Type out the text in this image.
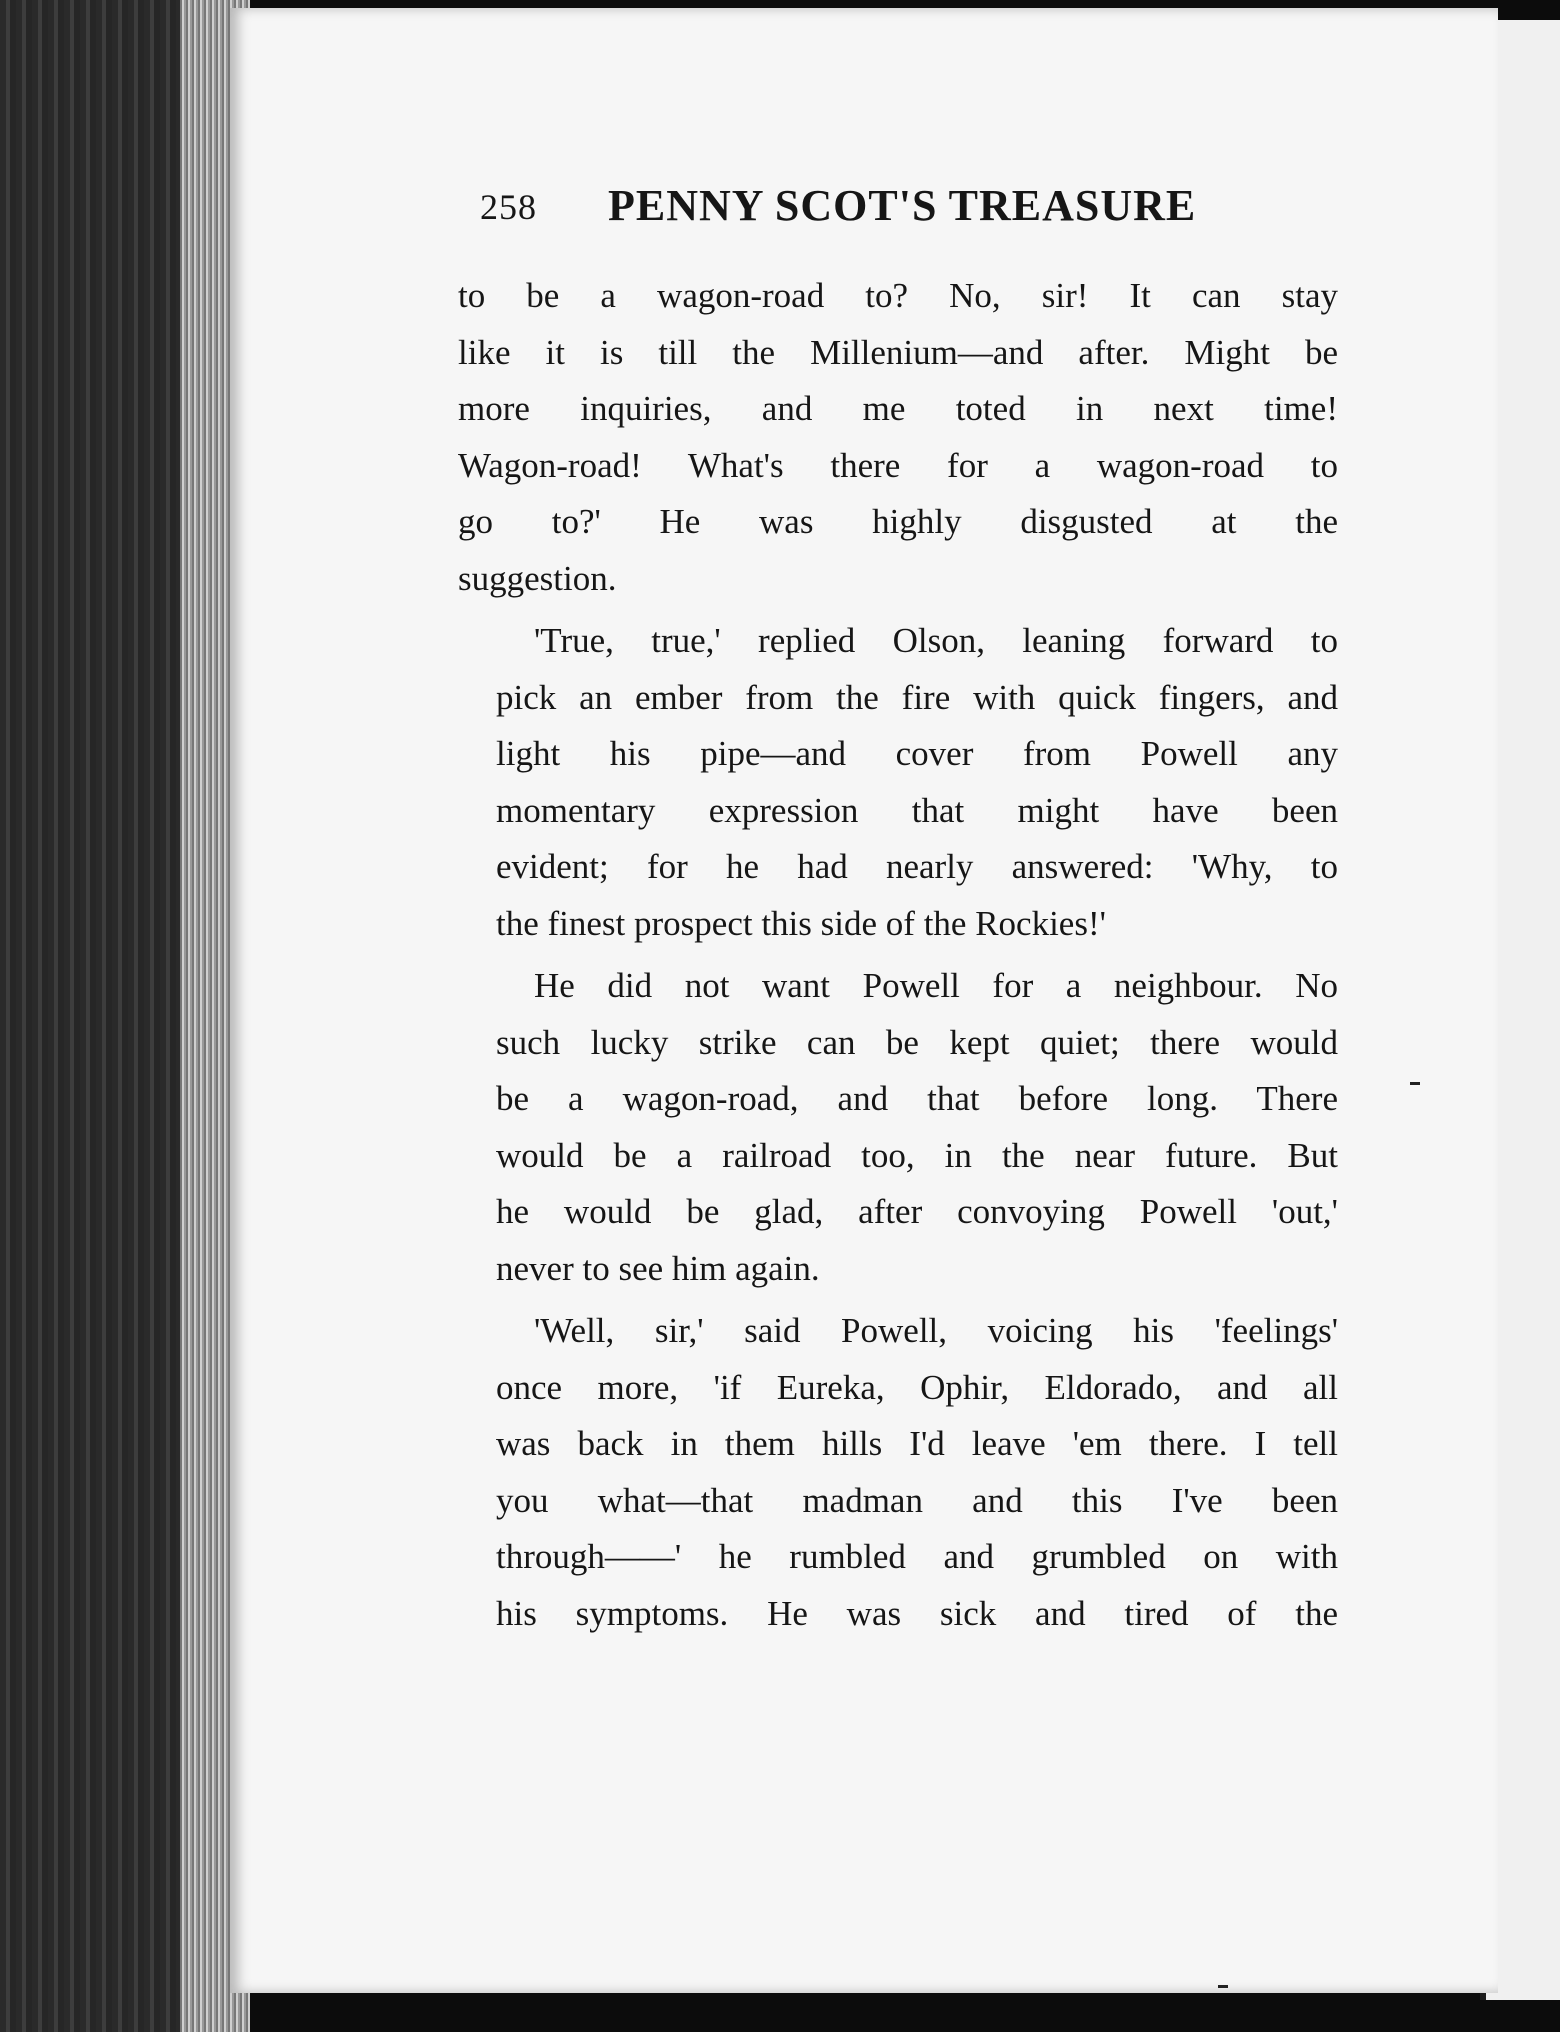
258 PENNY SCOT'S TREASURE

to be a wagon-road to? No, sir! It can stay
like it is till the Millenium—and after. Might be
more inquiries, and me toted in next time!
Wagon-road! What's there for a wagon-road to
go to?' He was highly disgusted at the
suggestion.

'True, true,' replied Olson, leaning forward to
pick an ember from the fire with quick fingers, and
light his pipe—and cover from Powell any
momentary expression that might have been
evident; for he had nearly answered: 'Why, to
the finest prospect this side of the Rockies!'

He did not want Powell for a neighbour. No
such lucky strike can be kept quiet; there would
be a wagon-road, and that before long. There
would be a railroad too, in the near future. But
he would be glad, after convoying Powell 'out,'
never to see him again.

'Well, sir,' said Powell, voicing his 'feelings'
once more, 'if Eureka, Ophir, Eldorado, and all
was back in them hills I'd leave 'em there. I tell
you what—that madman and this I've been
through——' he rumbled and grumbled on with
his symptoms. He was sick and tired of the
